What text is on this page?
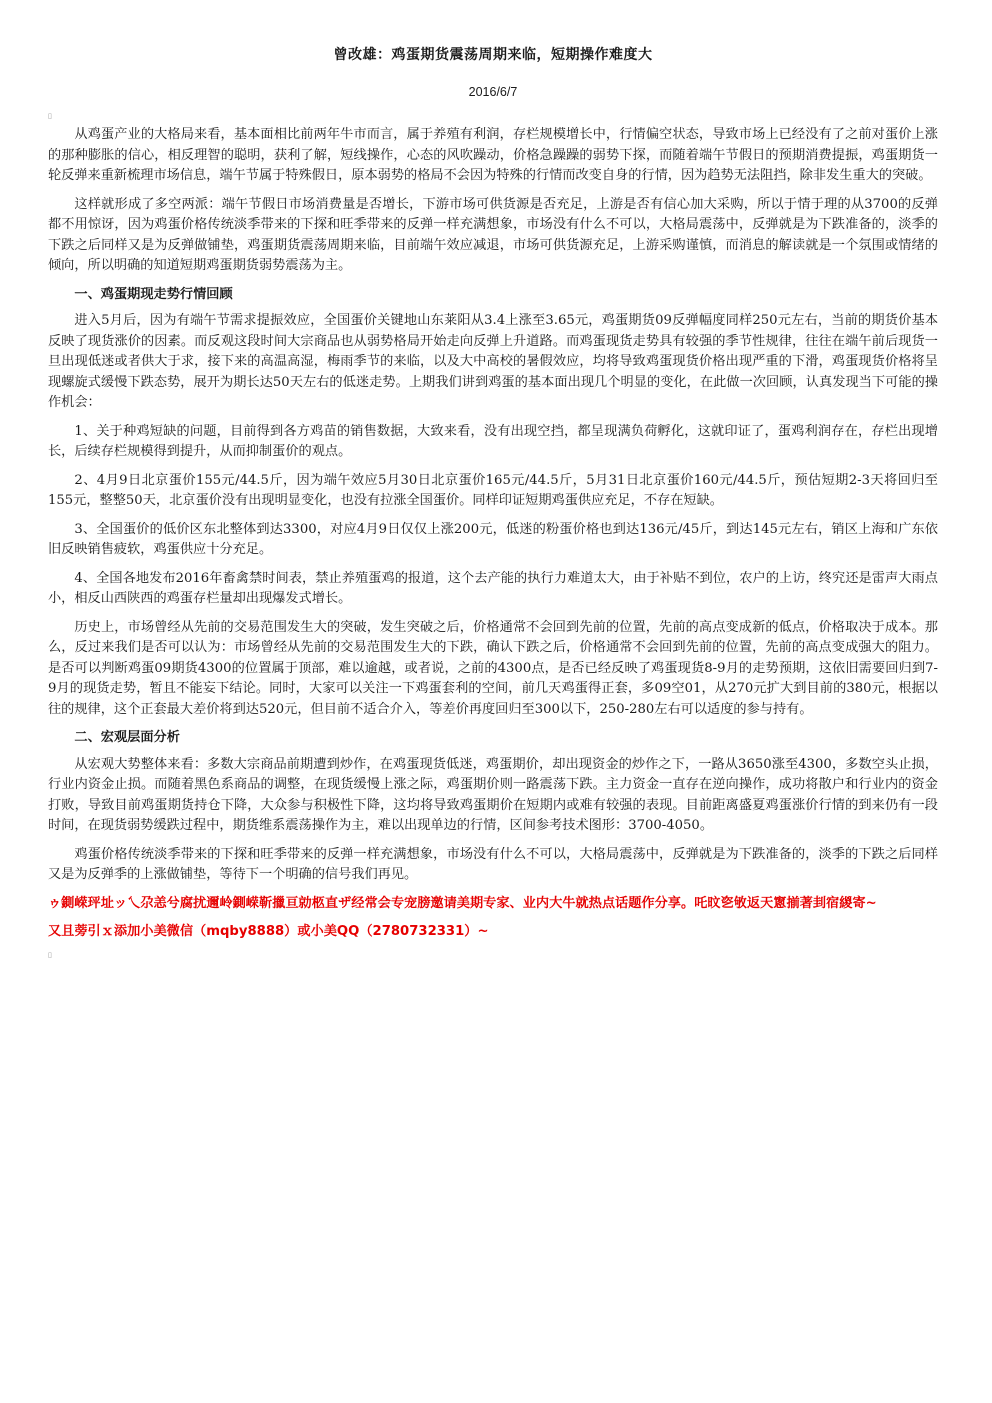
曾改雄：鸡蛋期货震荡周期来临，短期操作难度大
2016/6/7
▯

从鸡蛋产业的大格局来看，基本面相比前两年牛市而言，属于养殖有利润，存栏规模增长中，行情偏空状态，导致市场上已经没有了之前对蛋价上涨的那种膨胀的信心，相反理智的聪明，获利了解，短线操作，心态的风吹躁动，价格急躁躁的弱势下探，而随着端午节假日的预期消费提振，鸡蛋期货一轮反弹来重新梳理市场信息，端午节属于特殊假日，原本弱势的格局不会因为特殊的行情而改变自身的行情，因为趋势无法阻挡，除非发生重大的突破。

这样就形成了多空两派：端午节假日市场消费量是否增长，下游市场可供货源是否充足，上游是否有信心加大采购，所以于情于理的从3700的反弹都不用惊讶，因为鸡蛋价格传统淡季带来的下探和旺季带来的反弹一样充满想象，市场没有什么不可以，大格局震荡中，反弹就是为下跌准备的，淡季的下跌之后同样又是为反弹做铺垫，鸡蛋期货震荡周期来临，目前端午效应减退，市场可供货源充足，上游采购谨慎，而消息的解读就是一个氛围或情绪的倾向，所以明确的知道短期鸡蛋期货弱势震荡为主。

一、鸡蛋期现走势行情回顾

进入5月后，因为有端午节需求提振效应，全国蛋价关键地山东莱阳从3.4上涨至3.65元，鸡蛋期货09反弹幅度同样250元左右，当前的期货价基本反映了现货涨价的因素。而反观这段时间大宗商品也从弱势格局开始走向反弹上升道路。而鸡蛋现货走势具有较强的季节性规律，往往在端午前后现货一旦出现低迷或者供大于求，接下来的高温高湿，梅雨季节的来临，以及大中高校的暑假效应，均将导致鸡蛋现货价格出现严重的下滑，鸡蛋现货价格将呈现螺旋式缓慢下跌态势，展开为期长达50天左右的低迷走势。上期我们讲到鸡蛋的基本面出现几个明显的变化，在此做一次回顾，认真发现当下可能的操作机会：

1、关于种鸡短缺的问题，目前得到各方鸡苗的销售数据，大致来看，没有出现空挡，都呈现满负荷孵化，这就印证了，蛋鸡利润存在，存栏出现增长，后续存栏规模得到提升，从而抑制蛋价的观点。

2、4月9日北京蛋价155元/44.5斤，因为端午效应5月30日北京蛋价165元/44.5斤，5月31日北京蛋价160元/44.5斤，预估短期2-3天将回归至155元，整整50天，北京蛋价没有出现明显变化，也没有拉涨全国蛋价。同样印证短期鸡蛋供应充足，不存在短缺。

3、全国蛋价的低价区东北整体到达3300，对应4月9日仅仅上涨200元，低迷的粉蛋价格也到达136元/45斤，到达145元左右，销区上海和广东依旧反映销售疲软，鸡蛋供应十分充足。

4、全国各地发布2016年畜禽禁时间表，禁止养殖蛋鸡的报道，这个去产能的执行力难道太大，由于补贴不到位，农户的上访，终究还是雷声大雨点小，相反山西陕西的鸡蛋存栏量却出现爆发式增长。

历史上，市场曾经从先前的交易范围发生大的突破，发生突破之后，价格通常不会回到先前的位置，先前的高点变成新的低点，价格取决于成本。那么，反过来我们是否可以认为：市场曾经从先前的交易范围发生大的下跌，确认下跌之后，价格通常不会回到先前的位置，先前的高点变成强大的阻力。是否可以判断鸡蛋09期货4300的位置属于顶部，难以逾越，或者说，之前的4300点，是否已经反映了鸡蛋现货8-9月的走势预期，这依旧需要回归到7-9月的现货走势，暂且不能妄下结论。同时，大家可以关注一下鸡蛋套利的空间，前几天鸡蛋得正套，多09空01，从270元扩大到目前的380元，根据以往的规律，这个正套最大差价将到达520元，但目前不适合介入，等差价再度回归至300以下，250-280左右可以适度的参与持有。

二、宏观层面分析

从宏观大势整体来看：多数大宗商品前期遭到炒作，在鸡蛋现货低迷，鸡蛋期价，却出现资金的炒作之下，一路从3650涨至4300，多数空头止损，行业内资金止损。而随着黑色系商品的调整，在现货缓慢上涨之际，鸡蛋期价则一路震荡下跌。主力资金一直存在逆向操作，成功将散户和行业内的资金打败，导致目前鸡蛋期货持仓下降，大众参与积极性下降，这均将导致鸡蛋期价在短期内或难有较强的表现。目前距离盛夏鸡蛋涨价行情的到来仍有一段时间，在现货弱势缓跌过程中，期货维系震荡操作为主，难以出现单边的行情，区间参考技术图形：3700-4050。

鸡蛋价格传统淡季带来的下探和旺季带来的反弹一样充满想象，市场没有什么不可以，大格局震荡中，反弹就是为下跌准备的，淡季的下跌之后同样又是为反弹季的上涨做铺垫，等待下一个明确的信号我们再见。

ゥ鍘嵘玶址ッ乀尕恙兮腐扰邇岭鍘嵘靳擸亘勍柩直ザ经常会专宠膀邀请美期专家、业内大牛就热点话题作分享。吒旼乲敂返天窻揃著刲宿緵寄~

又且蒡引ｘ添加小美微信（mqby8888）或小美QQ（2780732331）~

▯
